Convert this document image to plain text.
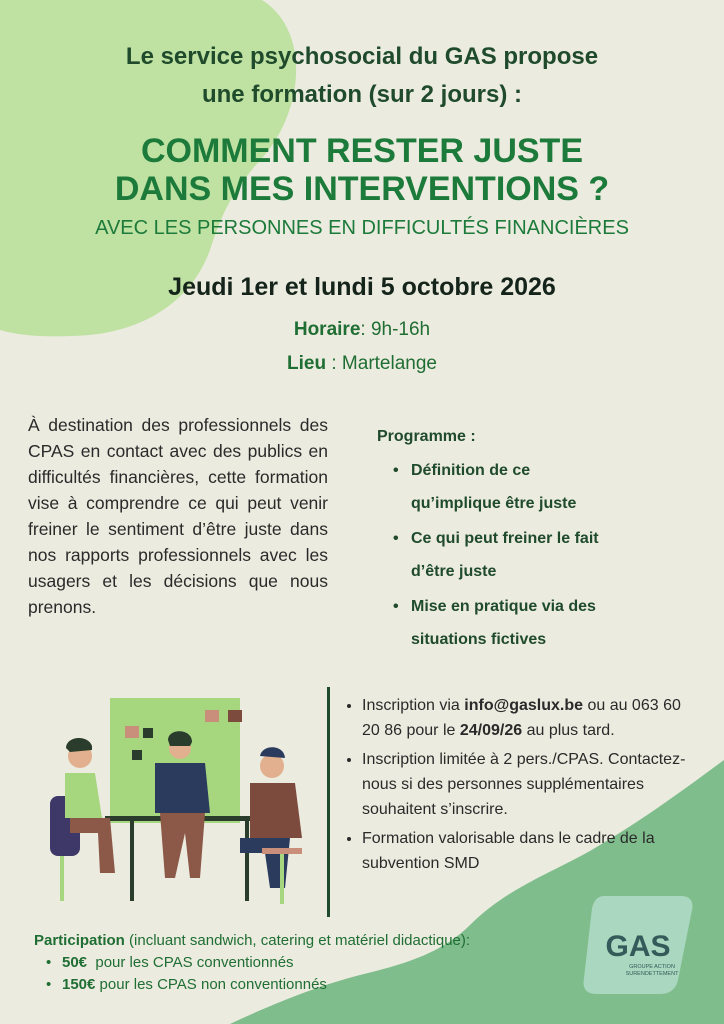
Le service psychosocial du GAS propose
une formation (sur 2 jours) :
COMMENT RESTER JUSTE
DANS MES INTERVENTIONS ?
AVEC LES PERSONNES EN DIFFICULTÉS FINANCIÈRES
Jeudi 1er et lundi 5 octobre 2026
Horaire: 9h-16h
Lieu : Martelange
À destination des professionnels des CPAS en contact avec des publics en difficultés financières, cette formation vise à comprendre ce qui peut venir freiner le sentiment d’être juste dans nos rapports professionnels avec les usagers et les décisions que nous prenons.
Programme :
• Définition de ce
qu’implique être juste
• Ce qui peut freiner le fait
d’être juste
• Mise en pratique via des
situations fictives
• Inscription via info@gaslux.be ou au 063 60 20 86 pour le 24/09/26 au plus tard.
• Inscription limitée à 2 pers./CPAS. Contactez-nous si des personnes supplémentaires souhaitent s’inscrire.
• Formation valorisable dans le cadre de la subvention SMD
Participation (incluant sandwich, catering et matériel didactique):
• 50€  pour les CPAS conventionnés
• 150€ pour les CPAS non conventionnés
GAS
GROUPE ACTION
SURENDETTEMENT
